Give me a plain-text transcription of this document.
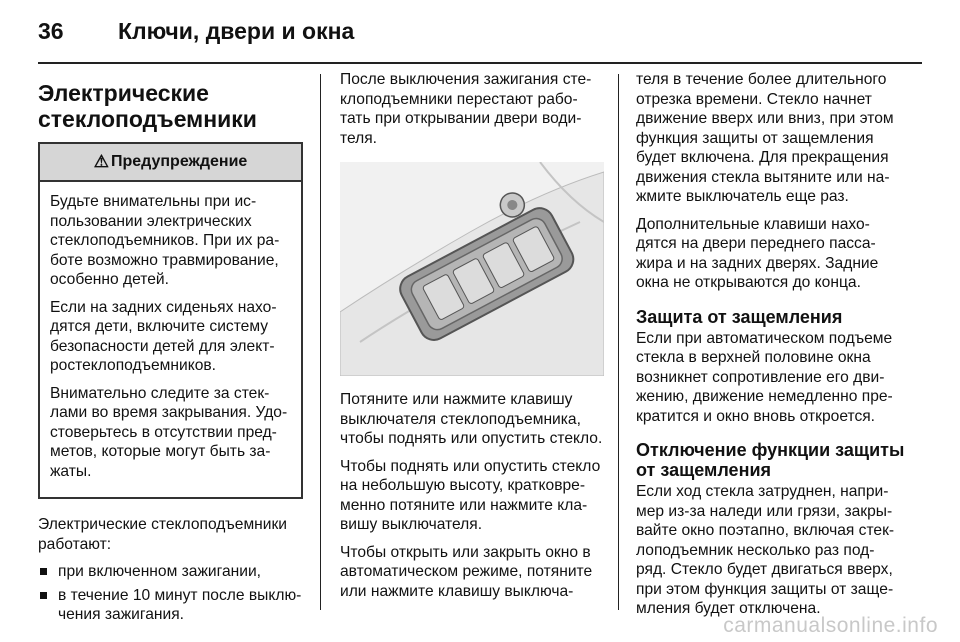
36 Ключи, двери и окна
Электрические стеклоподъемники
⚠ Предупреждение

Будьте внимательны при ис- пользовании электрических стеклоподъемников. При их ра- боте возможно травмирование, особенно детей.

Если на задних сиденьях нахо- дятся дети, включите систему безопасности детей для элект- ростеклоподъемников.

Внимательно следите за стек- лами во время закрывания. Удо- стоверьтесь в отсутствии пред- метов, которые могут быть за- жаты.

Электрические стеклоподъемники работают:

при включенном зажигании,
в течение 10 минут после выклю- чения зажигания.

После выключения зажигания сте- клоподъемники перестают рабо- тать при открывании двери води- теля.

Потяните или нажмите клавишу выключателя стеклоподъемника, чтобы поднять или опустить стекло.

Чтобы поднять или опустить стекло на небольшую высоту, кратковре- менно потяните или нажмите кла- вишу выключателя.

Чтобы открыть или закрыть окно в автоматическом режиме, потяните или нажмите клавишу выключа-

теля в течение более длительного отрезка времени. Стекло начнет движение вверх или вниз, при этом функция защиты от защемления будет включена. Для прекращения движения стекла вытяните или на- жмите выключатель еще раз.

Дополнительные клавиши нахо- дятся на двери переднего пасса- жира и на задних дверях. Задние окна не открываются до конца.

Защита от защемления

Если при автоматическом подъеме стекла в верхней половине окна возникнет сопротивление его дви- жению, движение немедленно пре- кратится и окно вновь откроется.

Отключение функции защиты от защемления

Если ход стекла затруднен, напри- мер из-за наледи или грязи, закры- вайте окно поэтапно, включая стек- лоподъемник несколько раз под- ряд. Стекло будет двигаться вверх, при этом функция защиты от защe- мления будет отключена.

carmanualsonline.info
